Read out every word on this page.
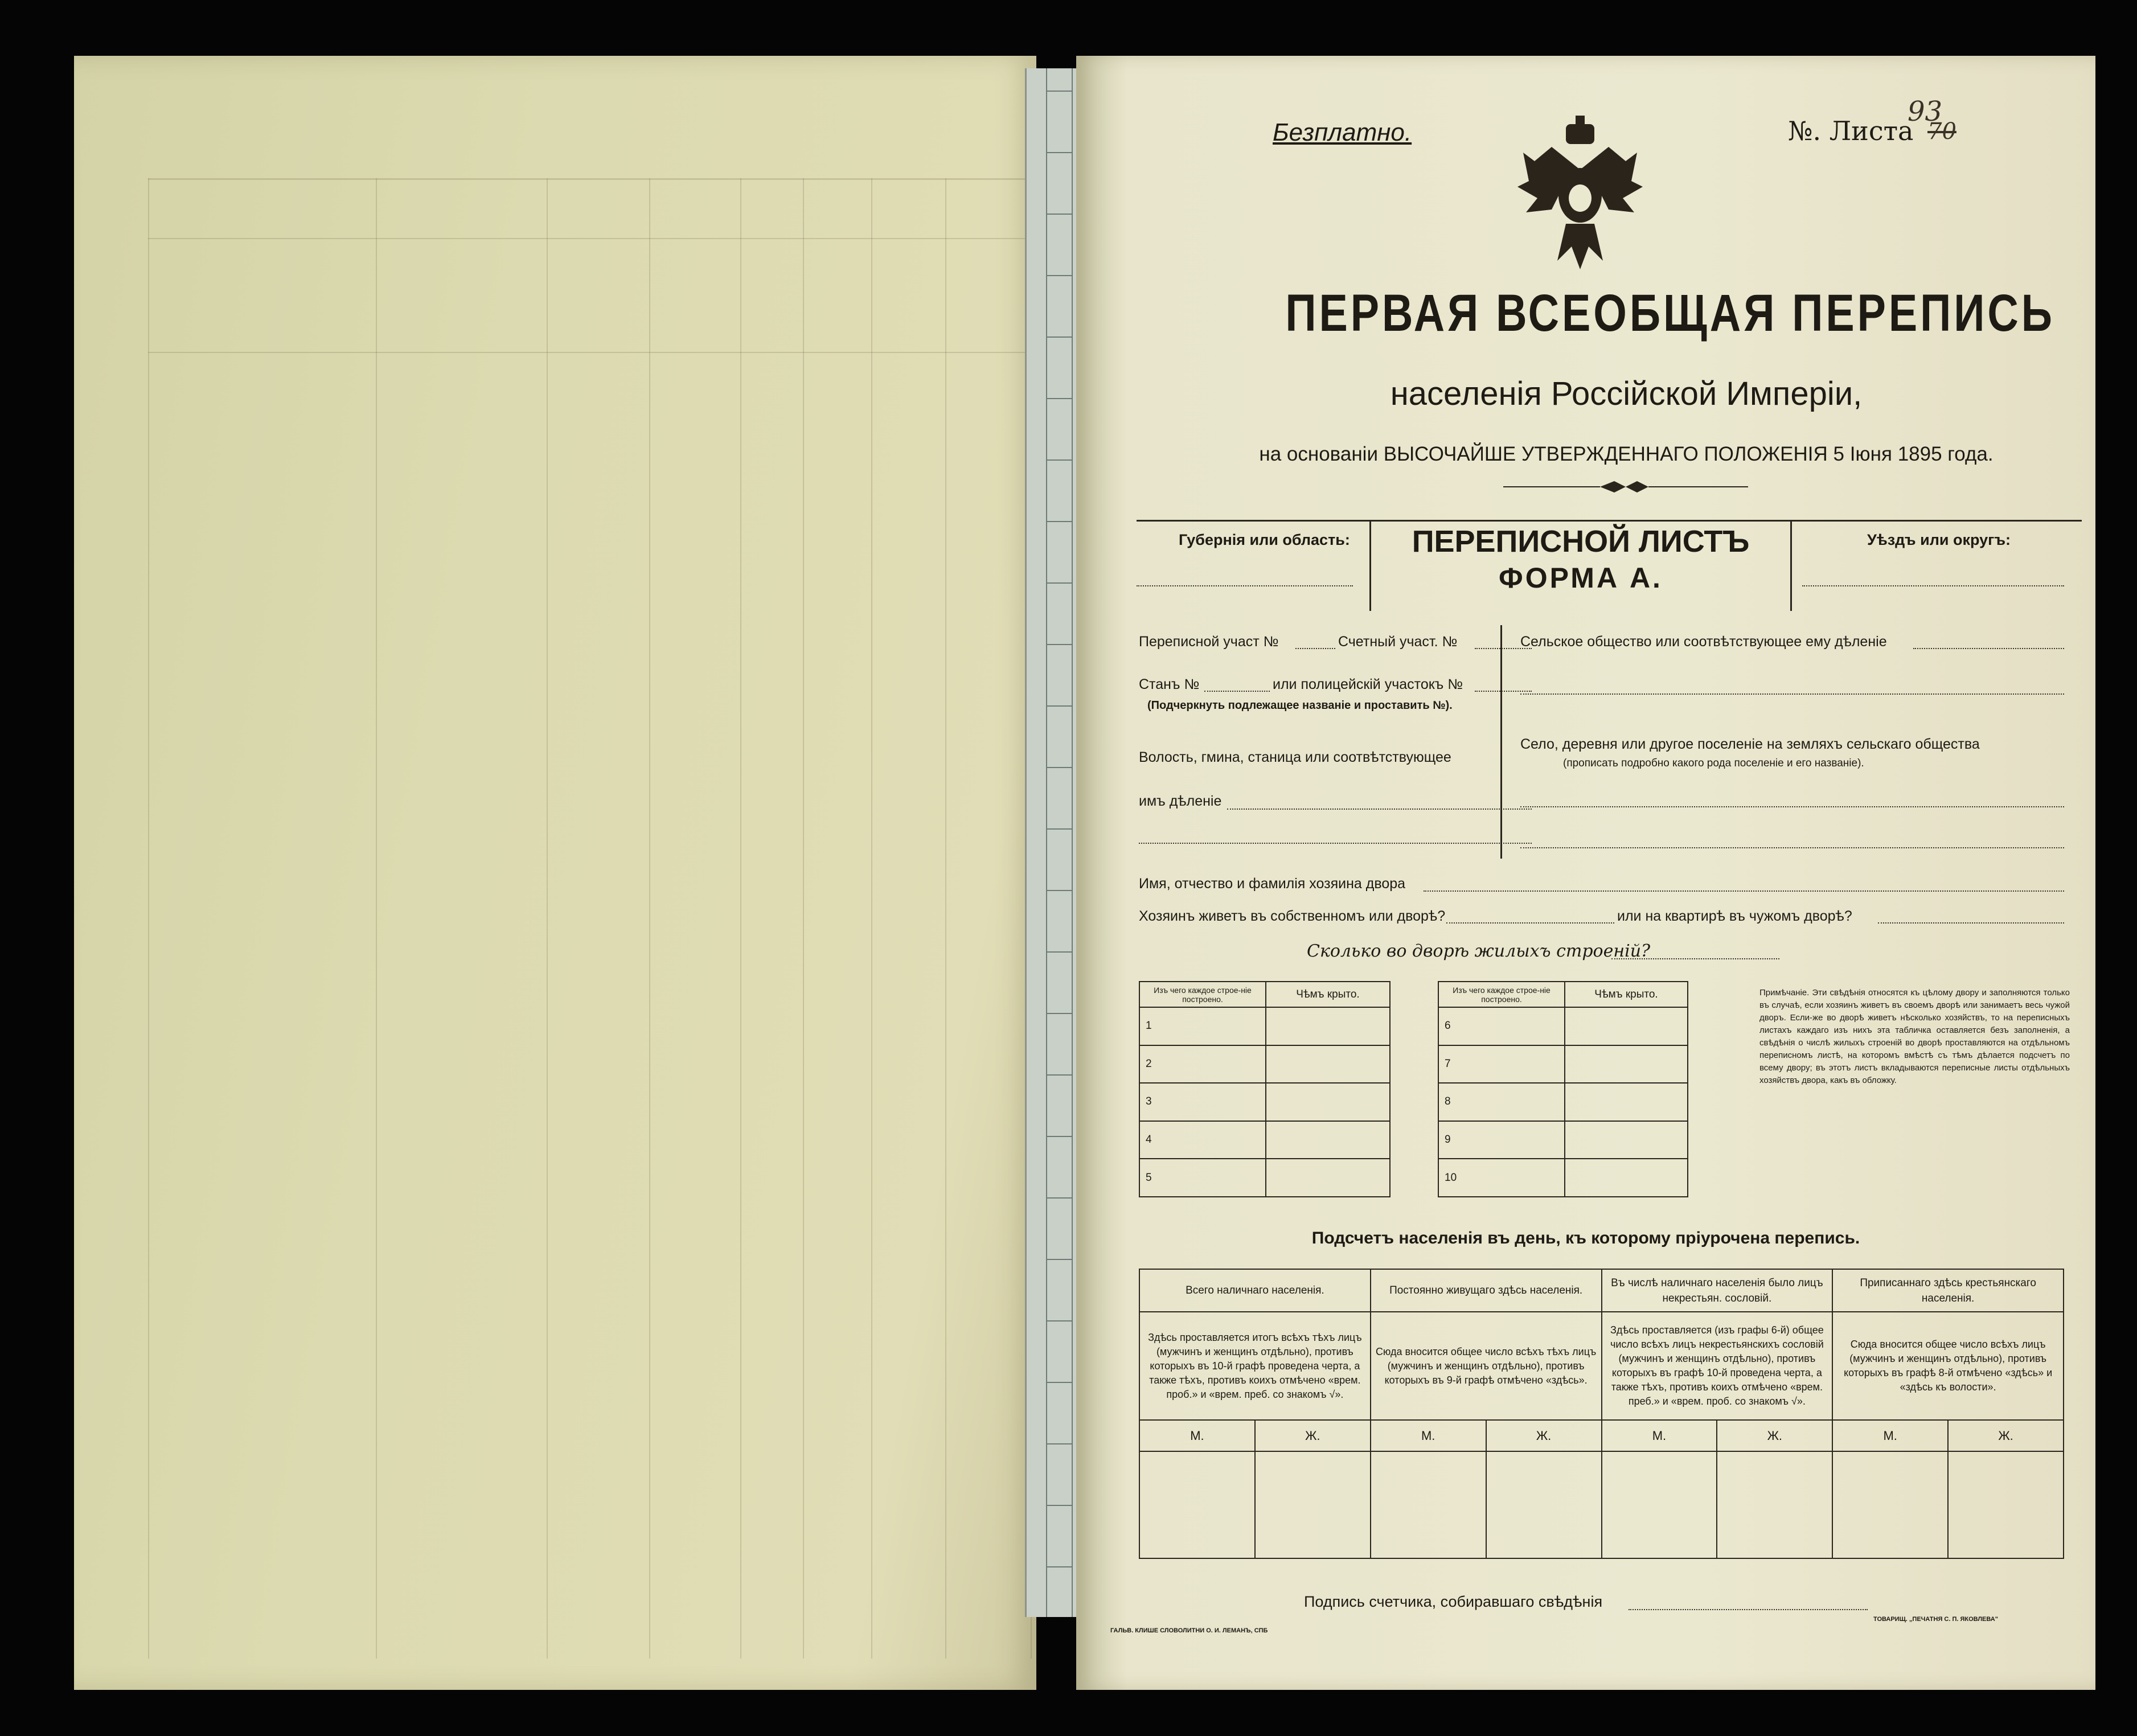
Безплатно.	№. Листа
93
70
ПЕРВАЯ ВСЕОБЩАЯ ПЕРЕПИСЬ
населенія Россійской Имперіи,
на основаніи ВЫСОЧАЙШЕ УТВЕРЖДЕННАГО ПОЛОЖЕНІЯ 5 Іюня 1895 года.
Губернія или область:	ПЕРЕПИСНОЙ ЛИСТЪ
ФОРМА А.
Уѣздъ или округъ:
Переписной участ №	Счетный участ. №
Станъ №	или полицейскій участокъ №
(Подчеркнуть подлежащее названіе и проставить №).
Волость, гмина, станица или соотвѣтствующее
имъ дѣленіе
Сельское общество или соотвѣтствующее ему дѣленіе
Село, деревня или другое поселеніе на земляхъ сельскаго общества
(прописать подробно какого рода поселеніе и его названіе).
Имя, отчество и фамилія хозяина двора
Хозяинъ живетъ въ собственномъ или дворѣ?	или на квартирѣ въ чужомъ дворѣ?
Сколько во дворѣ жилыхъ строеній?
Изъ чего каждое строе-ніе построено.	Чѣмъ крыто.
1	
2	
3	
4	
5	
Изъ чего каждое строе-ніе построено.	Чѣмъ крыто.
6	
7	
8	
9	
10	
Примѣчаніе. Эти свѣдѣнія относятся къ цѣлому двору и заполняются только въ случаѣ, если хозяинъ живетъ въ своемъ дворѣ или занимаетъ весь чужой дворъ. Если-же во дворѣ живетъ нѣсколько хозяйствъ, то на переписныхъ листахъ каждаго изъ нихъ эта табличка оставляется безъ заполненія, а свѣдѣнія о числѣ жилыхъ строеній во дворѣ проставляются на отдѣльномъ переписномъ листѣ, на которомъ вмѣстѣ съ тѣмъ дѣлается подсчетъ по всему двору; въ этотъ листъ вкладываются переписные листы отдѣльныхъ хозяйствъ двора, какъ въ обложку.
Подсчетъ населенія въ день, къ которому пріурочена перепись.
Всего наличнаго населенія.		Постоянно живущаго здѣсь населенія.		Въ числѣ наличнаго населенія было лицъ некрестьян. сословій.		Приписаннаго здѣсь крестьянскаго населенія.	
Здѣсь проставляется итогъ всѣхъ тѣхъ лицъ (мужчинъ и женщинъ отдѣльно), противъ которыхъ въ 10-й графѣ проведена черта, а также тѣхъ, противъ коихъ отмѣчено «врем. проб.» и «врем. преб. со знакомъ √».		Сюда вносится общее число всѣхъ тѣхъ лицъ (мужчинъ и женщинъ отдѣльно), противъ которыхъ въ 9-й графѣ отмѣчено «здѣсь».		Здѣсь проставляется (изъ графы 6-й) общее число всѣхъ лицъ некрестьянскихъ сословій (мужчинъ и женщинъ отдѣльно), противъ которыхъ въ графѣ 10-й проведена черта, а также тѣхъ, противъ коихъ отмѣчено «врем. преб.» и «врем. проб. со знакомъ √».		Сюда вносится общее число всѣхъ лицъ (мужчинъ и женщинъ отдѣльно), противъ которыхъ въ графѣ 8-й отмѣчено «здѣсь» и «здѣсь къ волости».	
М.	Ж.	М.	Ж.	М.	Ж.	М.	Ж.

Подпись счетчика, собиравшаго свѣдѣнія
ГАЛЬВ. КЛИШЕ СЛОВОЛИТНИ О. И. ЛЕМАНЪ, СПБ
ТОВАРИЩ. „ПЕЧАТНЯ С. П. ЯКОВЛЕВА"
